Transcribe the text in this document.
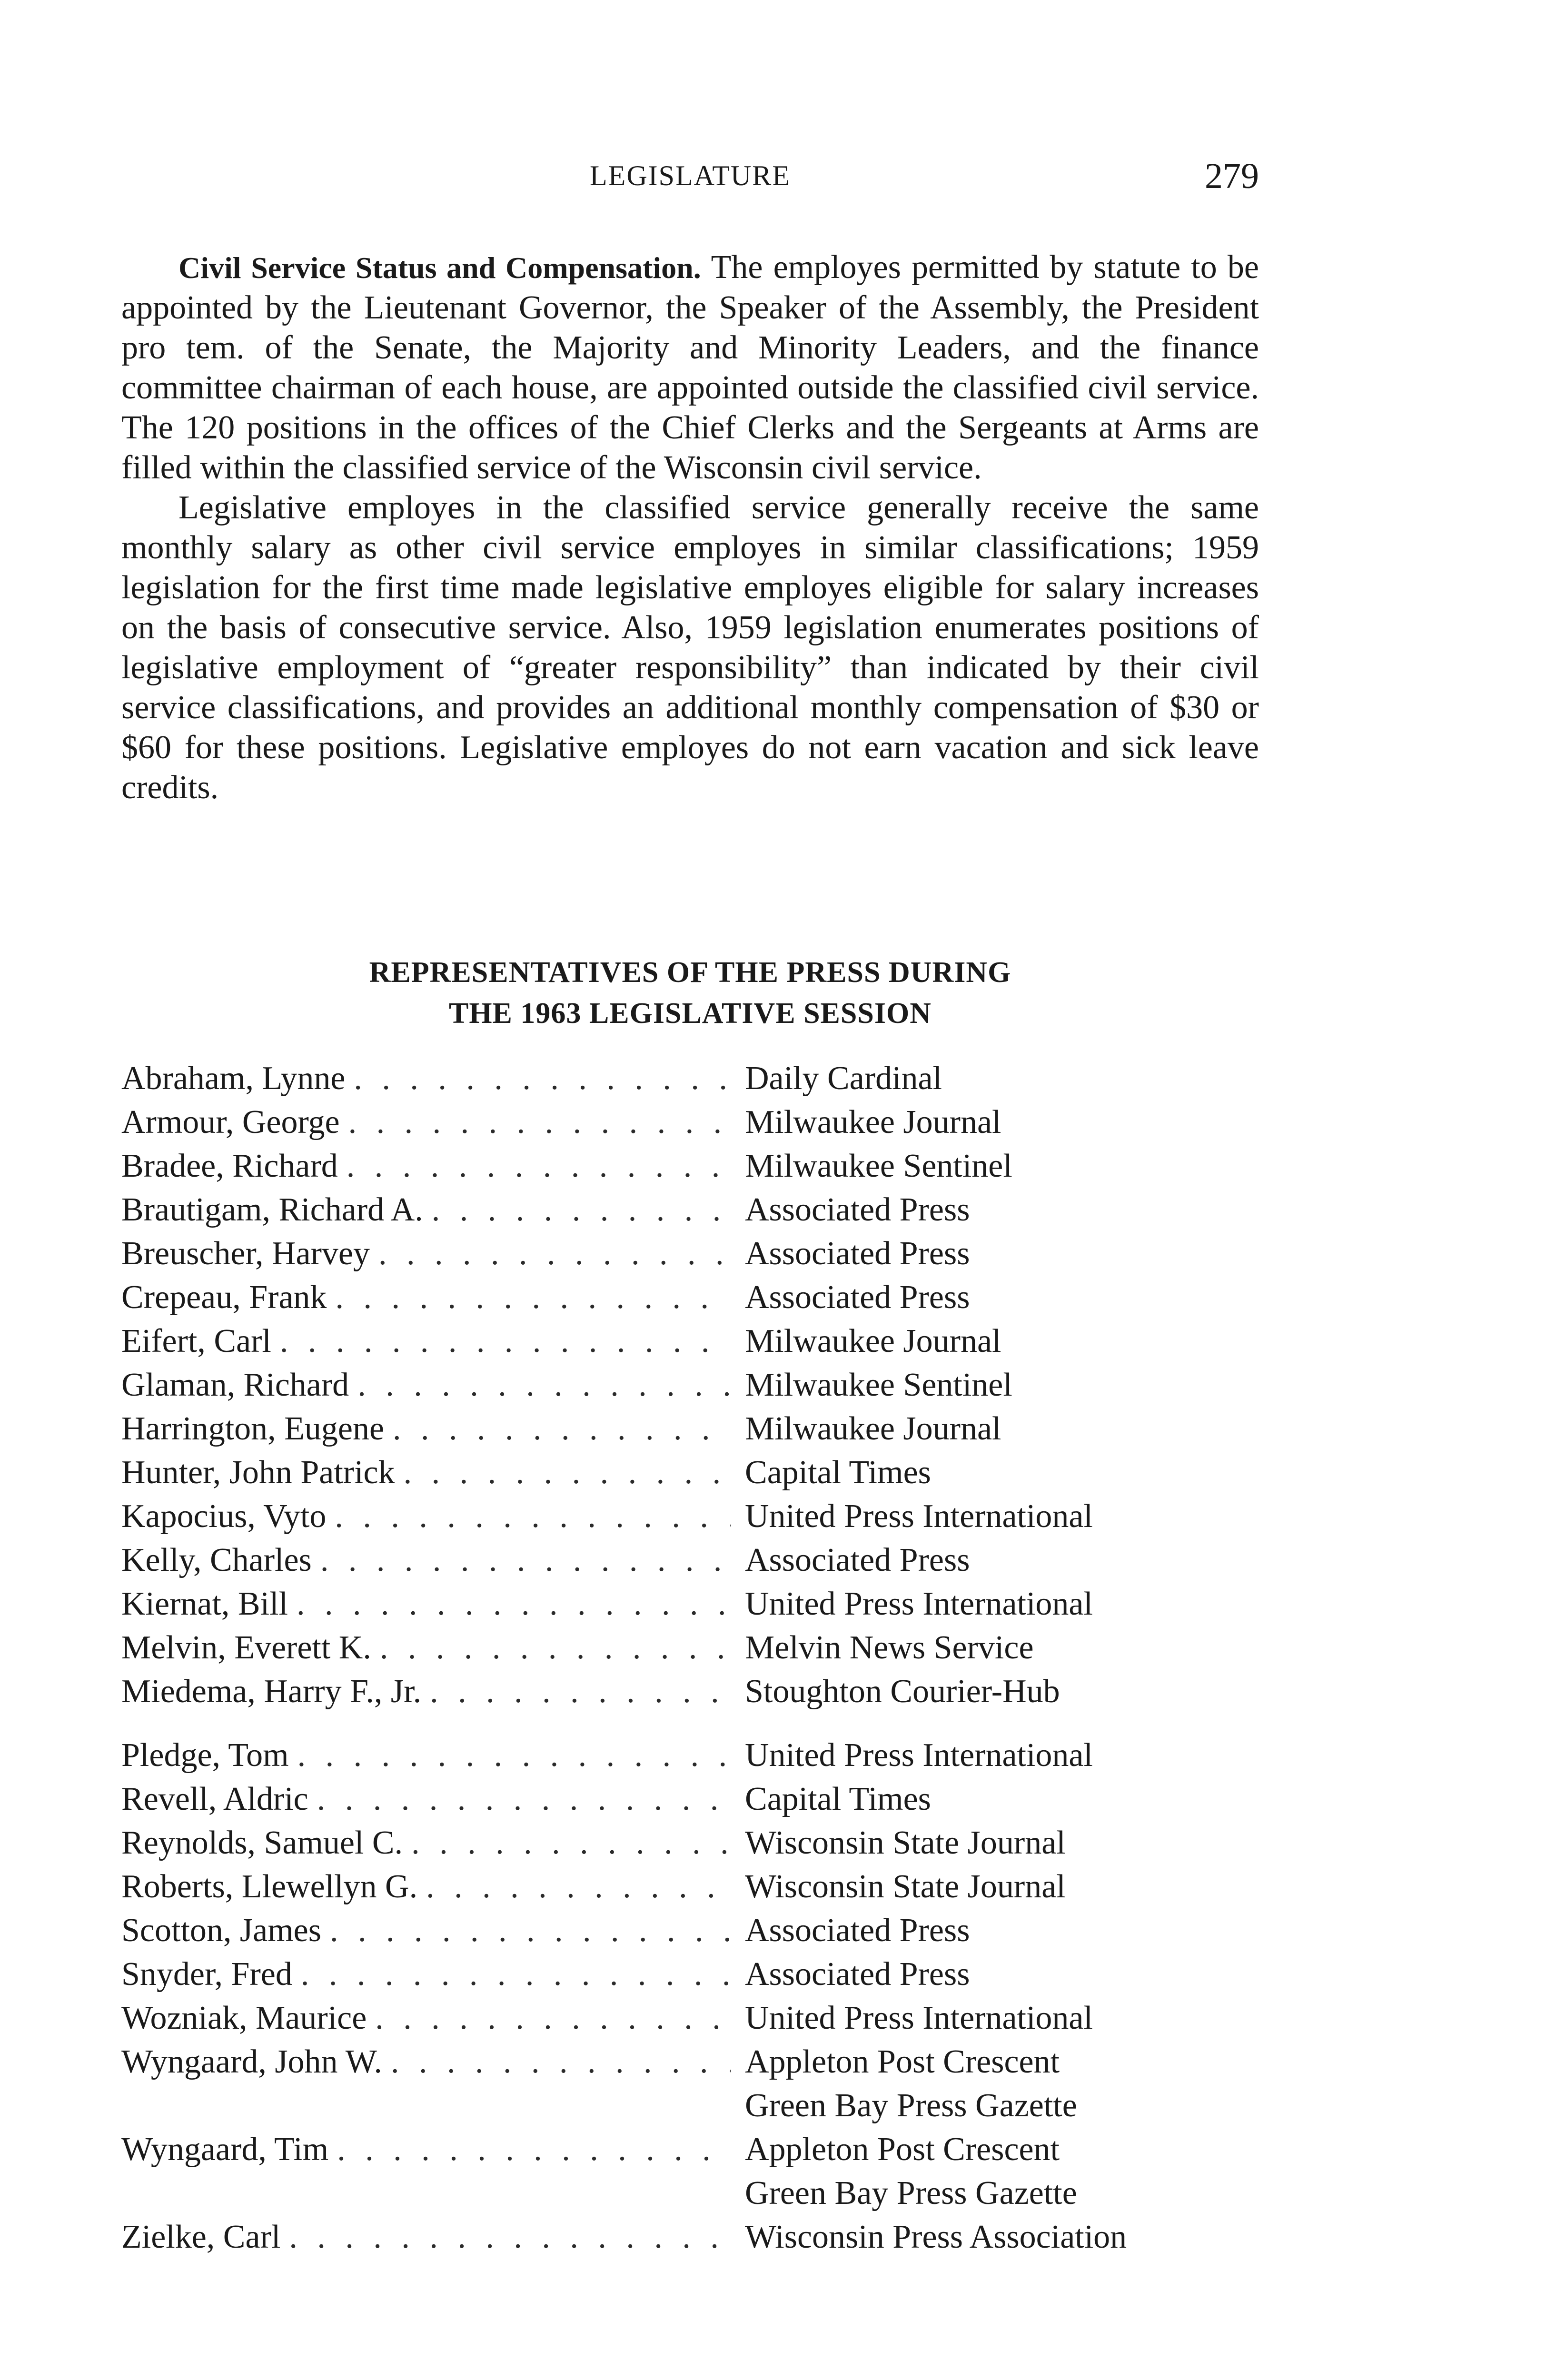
LEGISLATURE	279

Civil Service Status and Compensation. The employes permitted by statute to be appointed by the Lieutenant Governor, the Speaker of the Assembly, the President pro tem. of the Senate, the Majority and Minority Leaders, and the finance committee chairman of each house, are appointed outside the classified civil service. The 120 positions in the offices of the Chief Clerks and the Sergeants at Arms are filled within the classified service of the Wisconsin civil service.

Legislative employes in the classified service generally receive the same monthly salary as other civil service employes in similar classifications; 1959 legislation for the first time made legislative employes eligible for salary increases on the basis of consecutive service. Also, 1959 legislation enumerates positions of legislative employment of “greater responsibility” than indicated by their civil service classifications, and provides an additional monthly compensation of $30 or $60 for these positions. Legislative employes do not earn vacation and sick leave credits.

REPRESENTATIVES OF THE PRESS DURING
THE 1963 LEGISLATIVE SESSION
Abraham, Lynne . . .	Daily Cardinal
Armour, George . . .	Milwaukee Journal
Bradee, Richard . . .	Milwaukee Sentinel
Brautigam, Richard A. . . .	Associated Press
Breuscher, Harvey . . .	Associated Press
Crepeau, Frank . . .	Associated Press
Eifert, Carl . . .	Milwaukee Journal
Glaman, Richard . . .	Milwaukee Sentinel
Harrington, Eugene . . .	Milwaukee Journal
Hunter, John Patrick . . .	Capital Times
Kapocius, Vyto . . .	United Press International
Kelly, Charles . . .	Associated Press
Kiernat, Bill . . .	United Press International
Melvin, Everett K. . . .	Melvin News Service
Miedema, Harry F., Jr. . . .	Stoughton Courier-Hub
Pledge, Tom . . .	United Press International
Revell, Aldric . . .	Capital Times
Reynolds, Samuel C. . . .	Wisconsin State Journal
Roberts, Llewellyn G. . . .	Wisconsin State Journal
Scotton, James . . .	Associated Press
Snyder, Fred . . .	Associated Press
Wozniak, Maurice . . .	United Press International
Wyngaard, John W. . . .	Appleton Post Crescent
Green Bay Press Gazette
Wyngaard, Tim . . .	Appleton Post Crescent
Green Bay Press Gazette
Zielke, Carl . . .	Wisconsin Press Association
